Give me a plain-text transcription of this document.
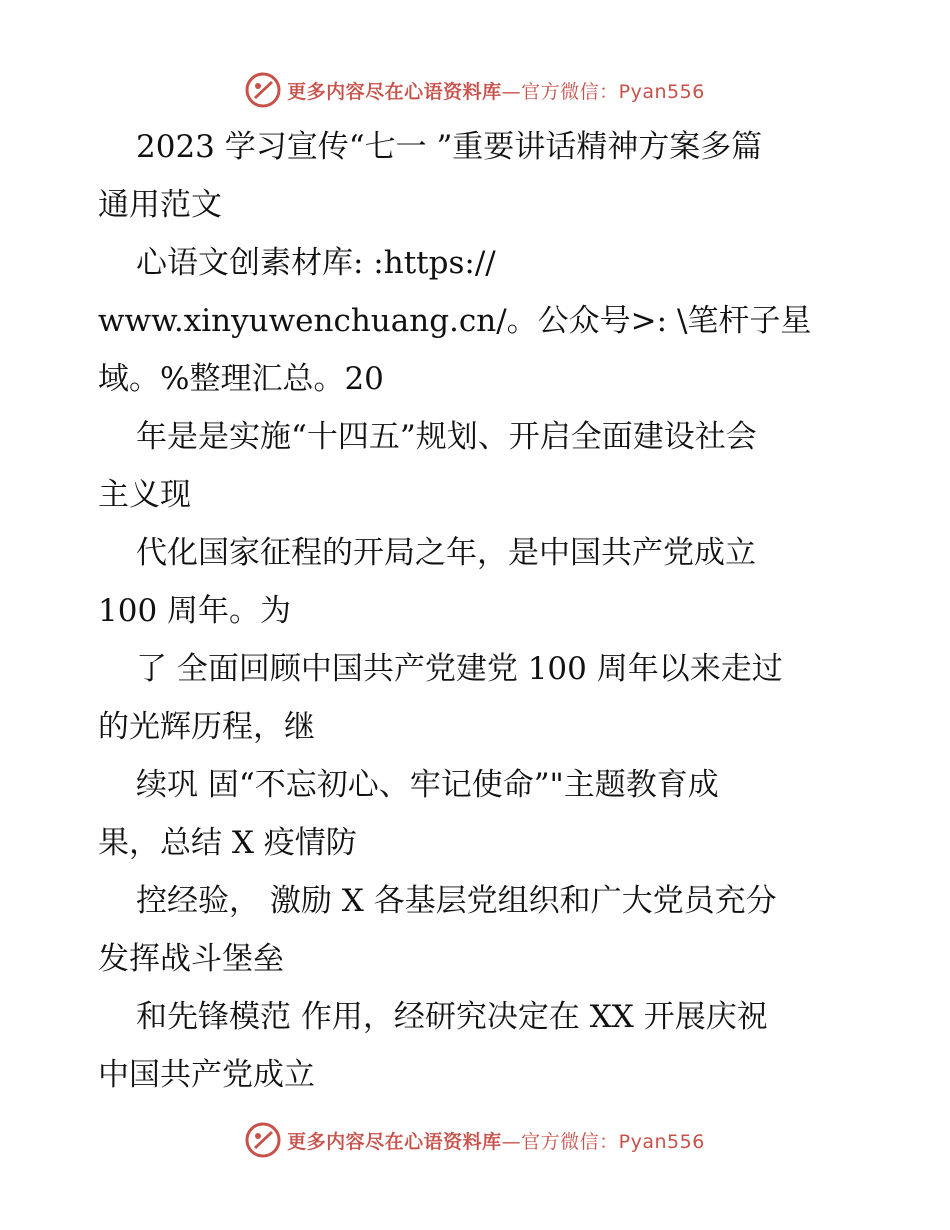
更多内容尽在心语资料库—官方微信：Pyan556
2023 学习宣传“七一 ”重要讲话精神方案多篇
通用范文
心语文创素材库: :https://
www.xinyuwenchuang.cn/。公众号>: \笔杆子星
域。%整理汇总。20
年是是实施“十四五”规划、开启全面建设社会
主义现
代化国家征程的开局之年，是中国共产党成立
100 周年。为
了 全面回顾中国共产党建党 100 周年以来走过
的光辉历程，继
续巩 固“不忘初心、牢记使命”"主题教育成
果，总结 X 疫情防
控经验， 激励 X 各基层党组织和广大党员充分
发挥战斗堡垒
和先锋模范 作用，经研究决定在 XX 开展庆祝
中国共产党成立
更多内容尽在心语资料库—官方微信：Pyan556
